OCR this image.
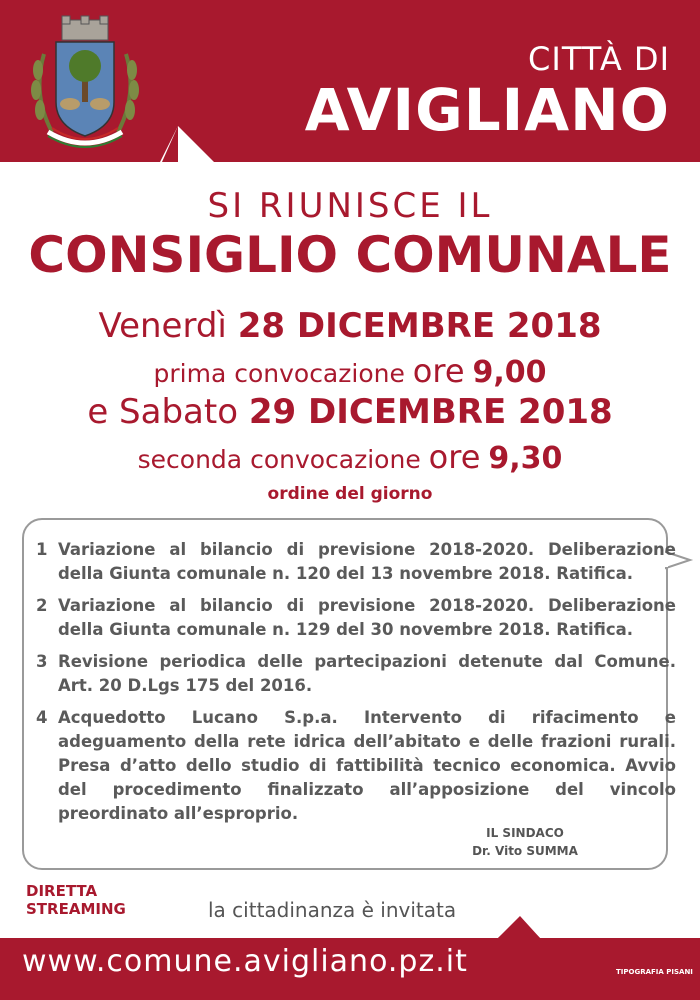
CITTÀ DI
AVIGLIANO
SI RIUNISCE IL
CONSIGLIO COMUNALE
Venerdì 28 DICEMBRE 2018
prima convocazione ore 9,00
e Sabato 29 DICEMBRE 2018
seconda convocazione ore 9,30
ordine del giorno
1 Variazione al bilancio di previsione 2018-2020. Deliberazione della Giunta comunale n. 120 del 13 novembre 2018. Ratifica.
2 Variazione al bilancio di previsione 2018-2020. Deliberazione della Giunta comunale n. 129 del 30 novembre 2018. Ratifica.
3 Revisione periodica delle partecipazioni detenute dal Comune. Art. 20 D.Lgs 175 del 2016.
4 Acquedotto Lucano S.p.a. Intervento di rifacimento e adeguamento della rete idrica dell’abitato e delle frazioni rurali. Presa d’atto dello studio di fattibilità tecnico economica. Avvio del procedimento finalizzato all’apposizione del vincolo preordinato all’esproprio.
IL SINDACO
Dr. Vito SUMMA
DIRETTA
STREAMING	la cittadinanza è invitata
www.comune.avigliano.pz.it	TIPOGRAFIA PISANI
